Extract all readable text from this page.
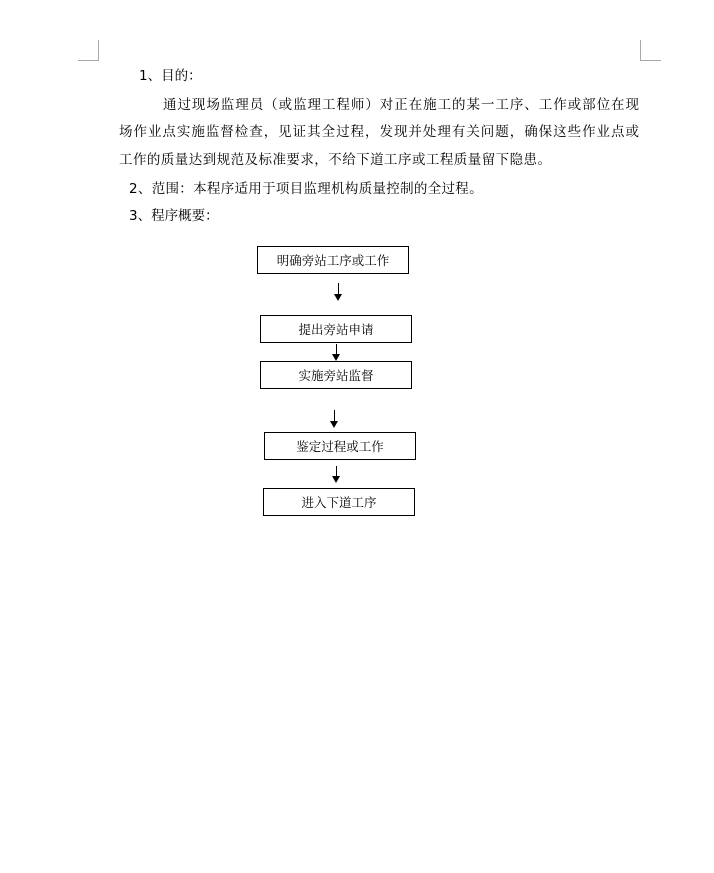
1、目的：
通过现场监理员（或监理工程师）对正在施工的某一工序、工作或部位在现
场作业点实施监督检查，见证其全过程，发现并处理有关问题，确保这些作业点或
工作的质量达到规范及标准要求，不给下道工序或工程质量留下隐患。
2、范围：本程序适用于项目监理机构质量控制的全过程。
3、程序概要：
明确旁站工序或工作
提出旁站申请
实施旁站监督
鉴定过程或工作
进入下道工序
